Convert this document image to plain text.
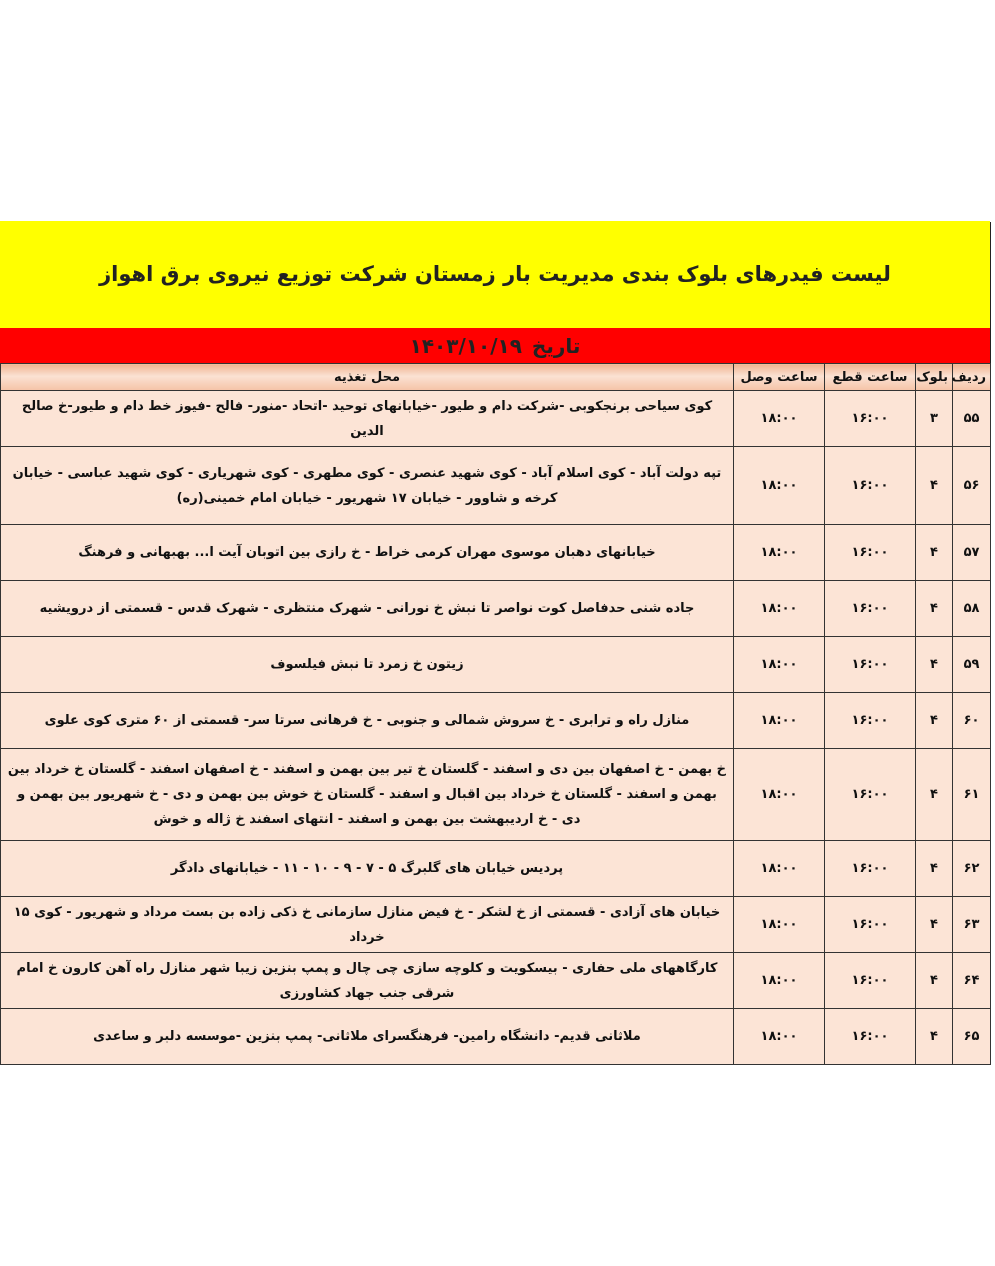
لیست فیدرهای بلوک بندی مدیریت بار زمستان شرکت توزیع نیروی برق اهواز
تاریخ
۱۴۰۳/۱۰/۱۹
ردیف	بلوک	ساعت قطع	ساعت وصل	محل تغذیه
۵۵	۳	۱۶:۰۰	۱۸:۰۰	کوی سیاحی برنجکوبی -شرکت دام و طیور -خیابانهای توحید -اتحاد -منور- فالح -فیوز خط دام و طیور-خ صالح الدین
۵۶	۴	۱۶:۰۰	۱۸:۰۰	تپه دولت آباد - کوی اسلام آباد - کوی شهید عنصری - کوی مطهری - کوی شهریاری - کوی شهید عباسی - خیابان کرخه و شاوور - خیابان ۱۷ شهریور - خیابان امام خمینی(ره)
۵۷	۴	۱۶:۰۰	۱۸:۰۰	خیابانهای دهبان موسوی مهران کرمی خراط - خ رازی بین اتوبان آیت ا... بهبهانی و فرهنگ
۵۸	۴	۱۶:۰۰	۱۸:۰۰	جاده شنی حدفاصل کوت نواصر تا نبش خ نورانی - شهرک منتظری - شهرک قدس - قسمتی از درویشیه
۵۹	۴	۱۶:۰۰	۱۸:۰۰	زیتون خ زمرد تا نبش فیلسوف
۶۰	۴	۱۶:۰۰	۱۸:۰۰	منازل راه و ترابری - خ سروش شمالی و جنوبی - خ فرهانی سرتا سر- قسمتی از ۶۰ متری کوی علوی
۶۱	۴	۱۶:۰۰	۱۸:۰۰	خ بهمن - خ اصفهان بین دی و اسفند - گلستان خ تیر بین بهمن و اسفند - خ اصفهان اسفند - گلستان خ خرداد بین بهمن و اسفند - گلستان خ خرداد بین اقبال و اسفند - گلستان خ خوش بین بهمن و دی - خ شهریور بین بهمن و دی - خ اردیبهشت بین بهمن و اسفند - انتهای اسفند خ ژاله و خوش
۶۲	۴	۱۶:۰۰	۱۸:۰۰	پردیس خیابان های گلبرگ ۵ - ۷ - ۹ - ۱۰ - ۱۱ - خیابانهای دادگر
۶۳	۴	۱۶:۰۰	۱۸:۰۰	خیابان های آزادی - قسمتی از خ لشکر - خ فیض منازل سازمانی خ ذکی زاده بن بست مرداد و شهریور - کوی ۱۵ خرداد
۶۴	۴	۱۶:۰۰	۱۸:۰۰	کارگاههای ملی حفاری - بیسکویت و کلوچه سازی چی چال و پمپ بنزین زیبا شهر منازل راه آهن کارون خ امام شرقی جنب جهاد کشاورزی
۶۵	۴	۱۶:۰۰	۱۸:۰۰	ملاثانی قدیم- دانشگاه رامین- فرهنگسرای ملاثانی- پمپ بنزین -موسسه دلبر و ساعدی
